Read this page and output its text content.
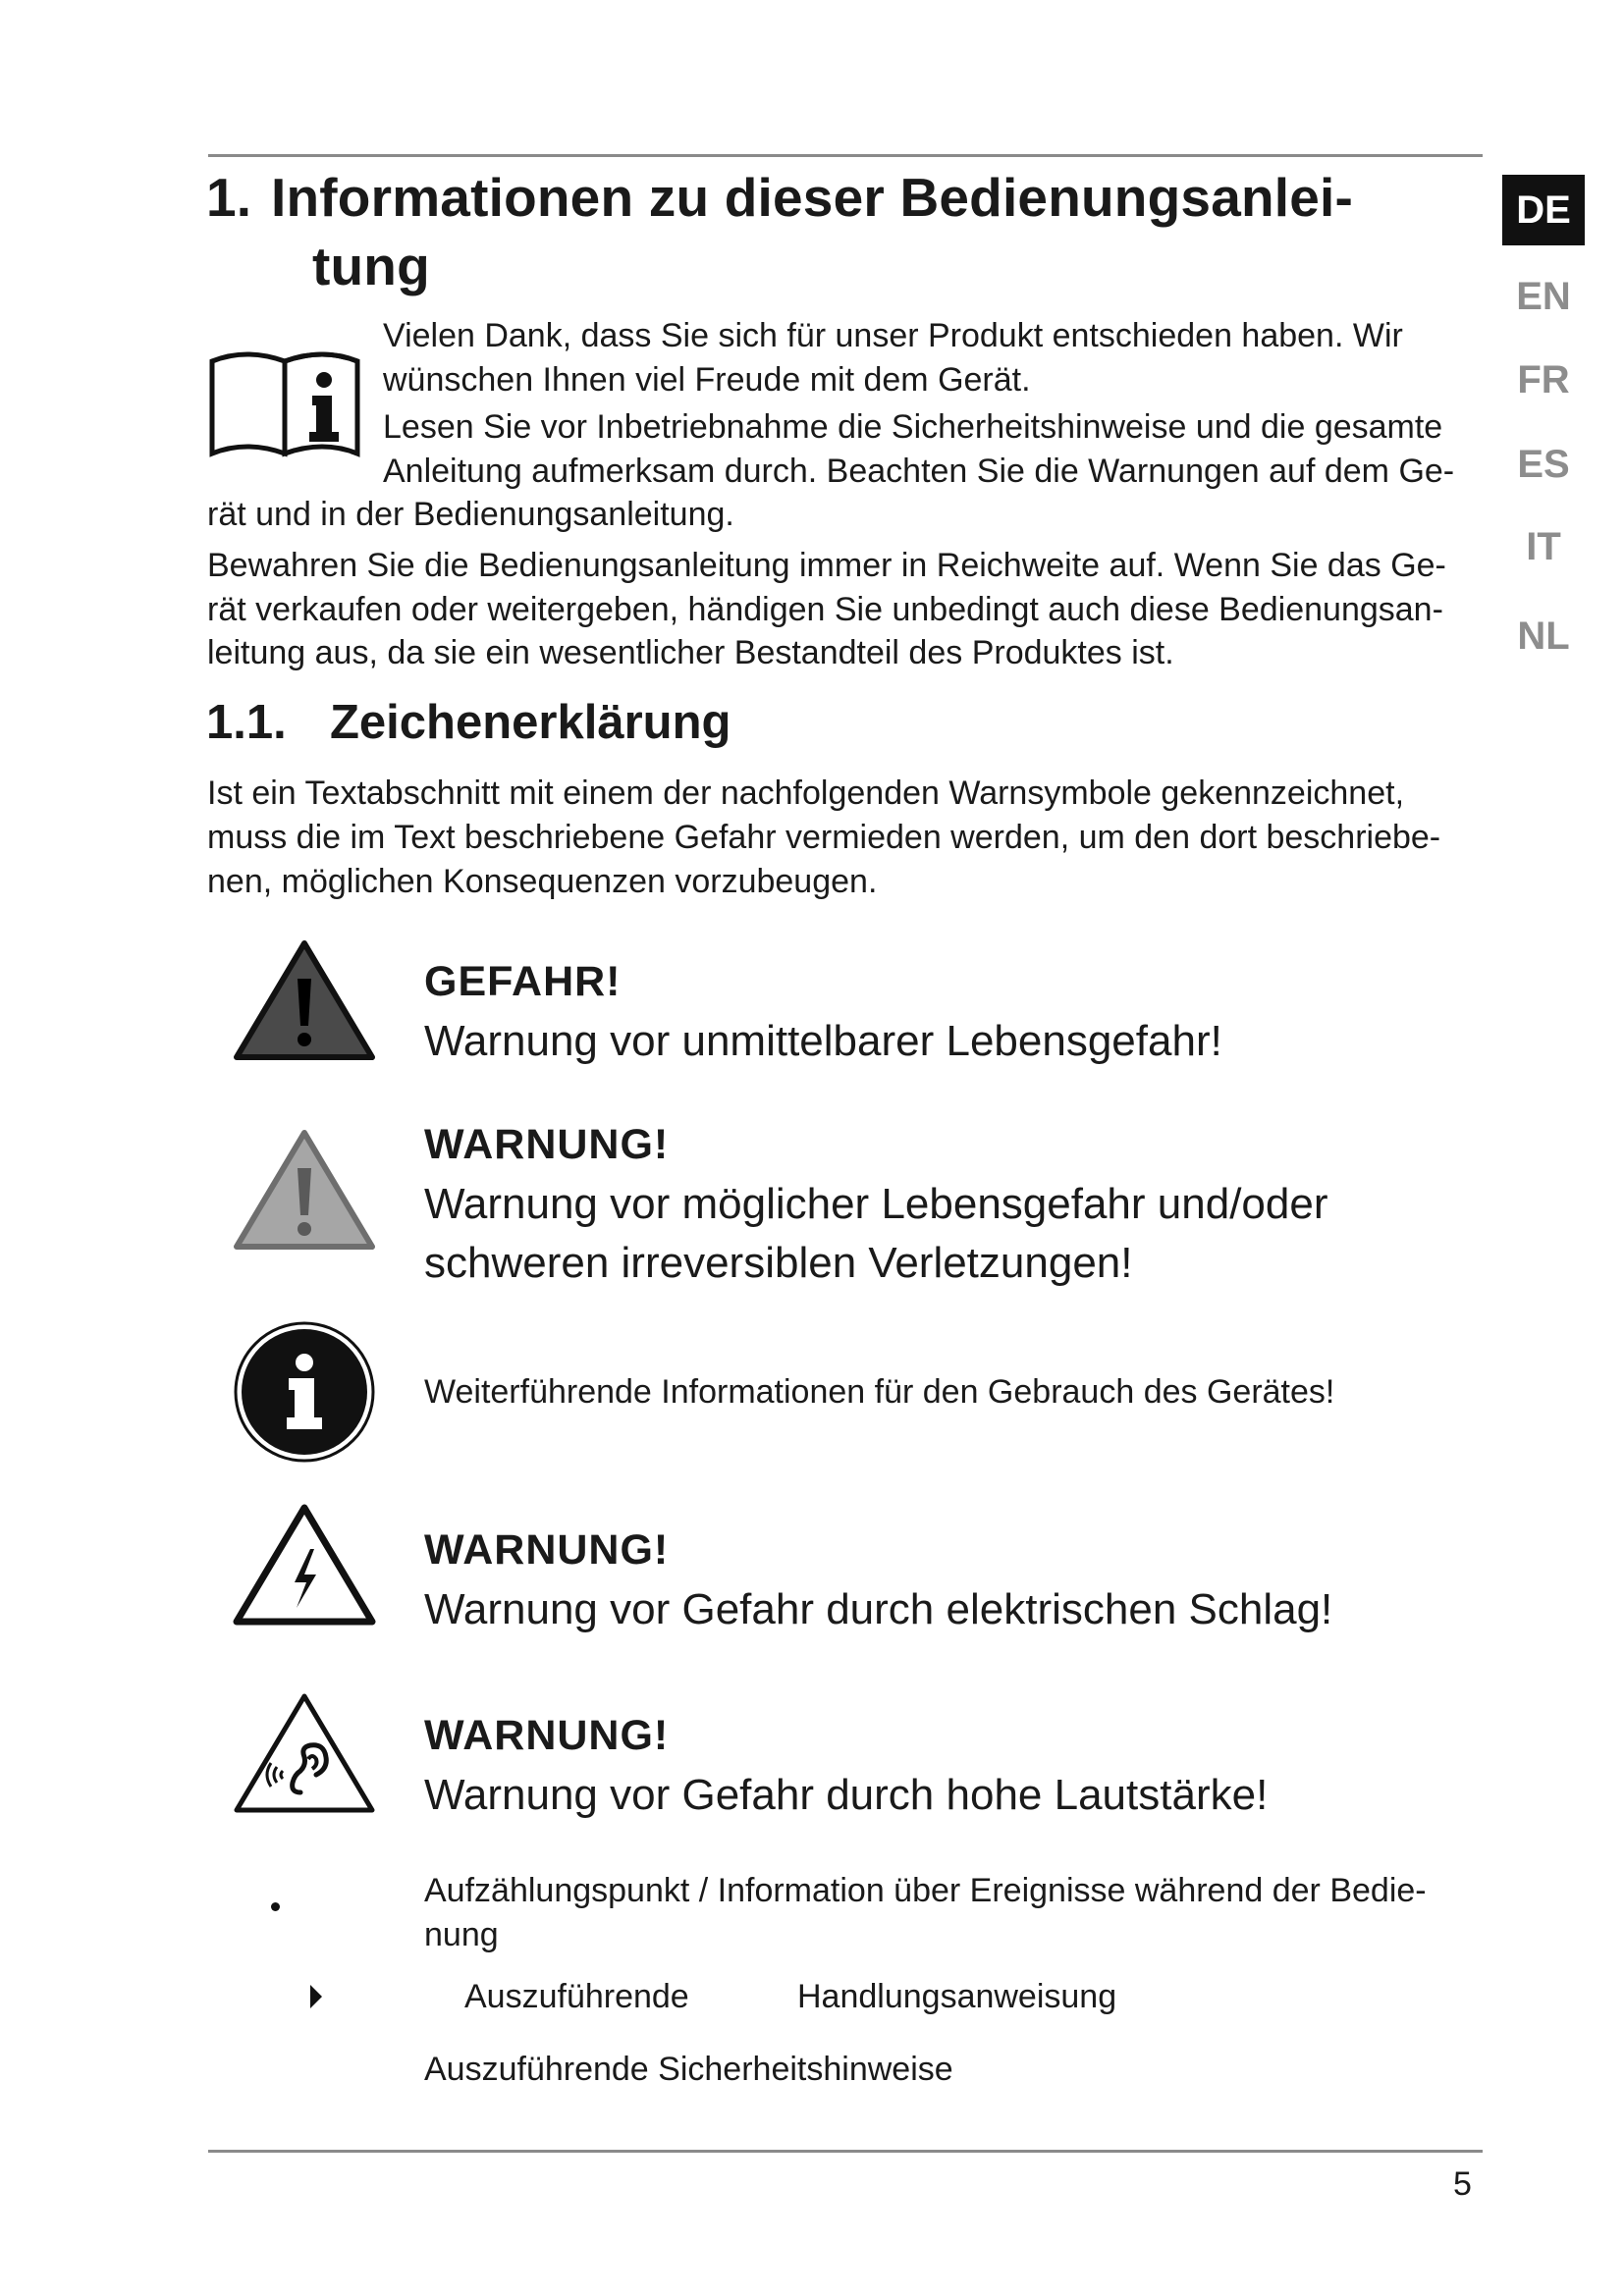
1. Informationen zu dieser Bedienungsanlei-
tung
DE
EN
FR
ES
IT
NL
Vielen Dank, dass Sie sich für unser Produkt entschieden haben. Wir
wünschen Ihnen viel Freude mit dem Gerät.
Lesen Sie vor Inbetriebnahme die Sicherheitshinweise und die gesamte
Anleitung aufmerksam durch. Beachten Sie die Warnungen auf dem Ge-
rät und in der Bedienungsanleitung.
Bewahren Sie die Bedienungsanleitung immer in Reichweite auf. Wenn Sie das Ge-
rät verkaufen oder weitergeben, händigen Sie unbedingt auch diese Bedienungsan-
leitung aus, da sie ein wesentlicher Bestandteil des Produktes ist.
1.1. Zeichenerklärung
Ist ein Textabschnitt mit einem der nachfolgenden Warnsymbole gekennzeichnet,
muss die im Text beschriebene Gefahr vermieden werden, um den dort beschriebe-
nen, möglichen Konsequenzen vorzubeugen.
GEFAHR!
Warnung vor unmittelbarer Lebensgefahr!
WARNUNG!
Warnung vor möglicher Lebensgefahr und/oder
schweren irreversiblen Verletzungen!
Weiterführende Informationen für den Gebrauch des Gerätes!
WARNUNG!
Warnung vor Gefahr durch elektrischen Schlag!
WARNUNG!
Warnung vor Gefahr durch hohe Lautstärke!
Aufzählungspunkt / Information über Ereignisse während der Bedie-
nung
Auszuführende	Handlungsanweisung
Auszuführende Sicherheitshinweise
5
